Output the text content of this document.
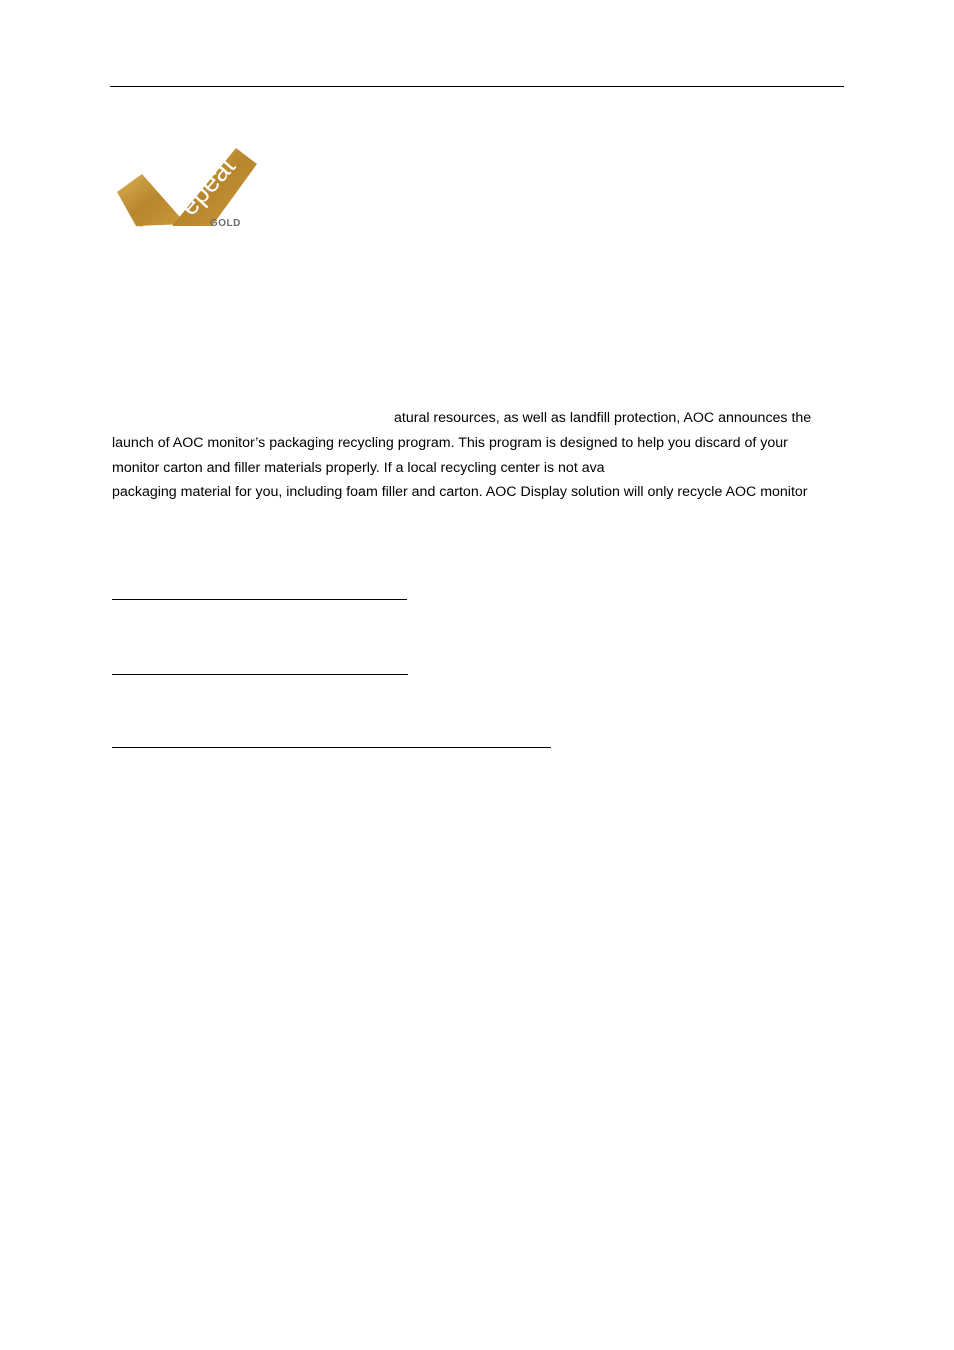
epeat
GOLD
TM
atural resources, as well as landfill protection, AOC announces the
launch of AOC monitor’s packaging recycling program. This program is designed to help you discard of your
monitor carton and filler materials properly. If a local recycling center is not ava
packaging material for you, including foam filler and carton. AOC Display solution will only recycle AOC monitor
